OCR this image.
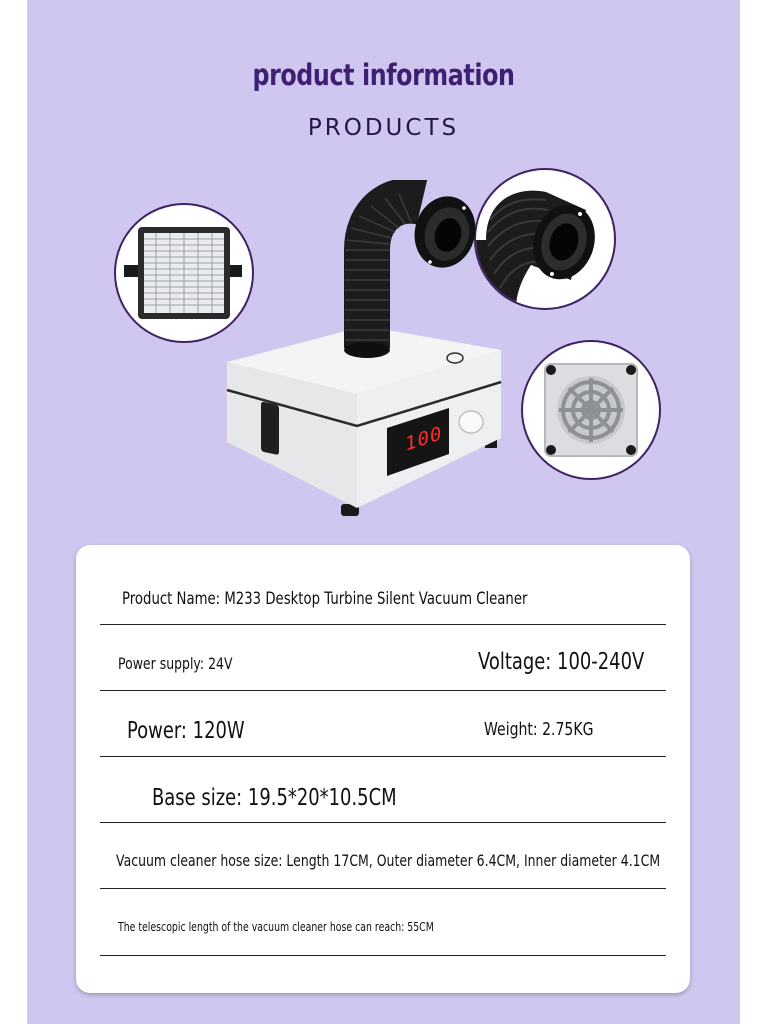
product information
PRODUCTS
100
Product Name: M233 Desktop Turbine Silent Vacuum Cleaner
Power supply: 24V	Voltage: 100-240V
Power: 120W	Weight: 2.75KG
Base size: 19.5*20*10.5CM
Vacuum cleaner hose size: Length 17CM, Outer diameter 6.4CM, Inner diameter 4.1CM
The telescopic length of the vacuum cleaner hose can reach: 55CM
